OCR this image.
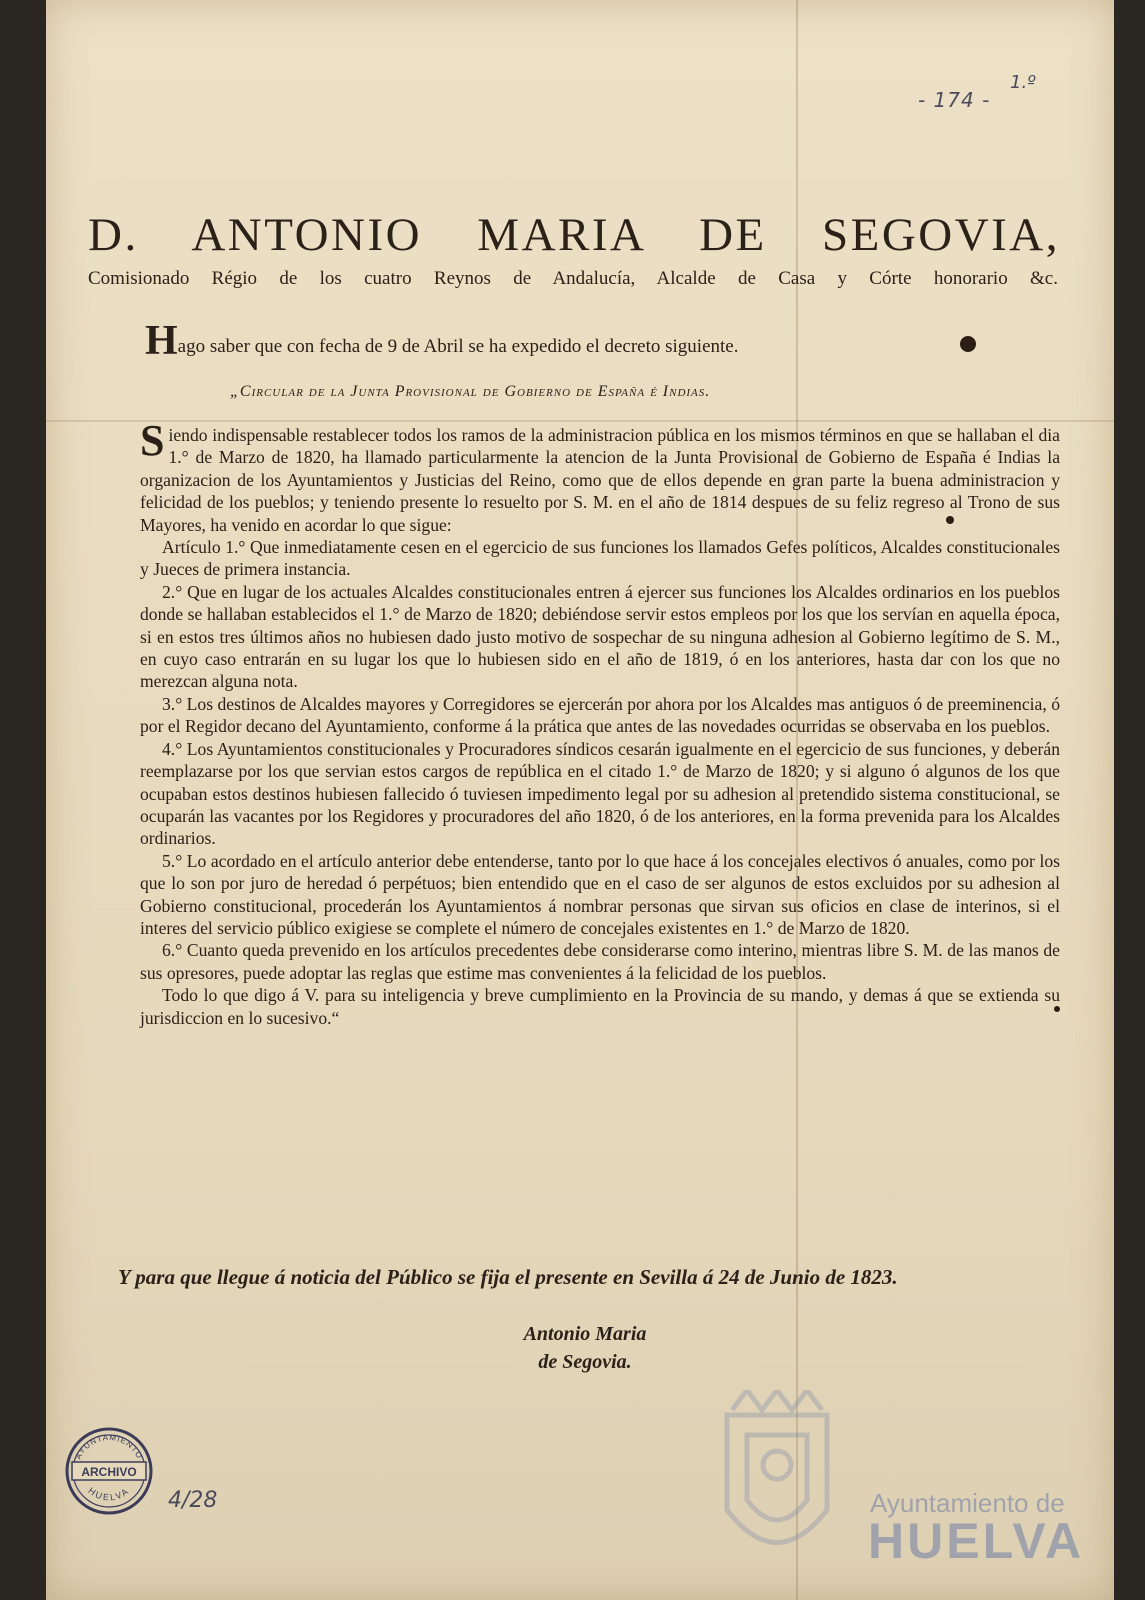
- 174 -
1.º
D. ANTONIO MARIA DE SEGOVIA,
Comisionado Régio de los cuatro Reynos de Andalucía, Alcalde de Casa y Córte honorario &c.
Hago saber que con fecha de 9 de Abril se ha expedido el decreto siguiente.
„Circular de la Junta Provisional de Gobierno de España é Indias.

Siendo indispensable restablecer todos los ramos de la administracion pública en los mismos términos en que se hallaban el dia 1.° de Marzo de 1820, ha llamado particularmente la atencion de la Junta Provisional de Gobierno de España é Indias la organizacion de los Ayuntamientos y Justicias del Reino, como que de ellos depende en gran parte la buena administracion y felicidad de los pueblos; y teniendo presente lo resuelto por S. M. en el año de 1814 despues de su feliz regreso al Trono de sus Mayores, ha venido en acordar lo que sigue:

Artículo 1.° Que inmediatamente cesen en el egercicio de sus funciones los llamados Gefes políticos, Alcaldes constitucionales y Jueces de primera instancia.

2.° Que en lugar de los actuales Alcaldes constitucionales entren á ejercer sus funciones los Alcaldes ordinarios en los pueblos donde se hallaban establecidos el 1.° de Marzo de 1820; debiéndose servir estos empleos por los que los servían en aquella época, si en estos tres últimos años no hubiesen dado justo motivo de sospechar de su ninguna adhesion al Gobierno legítimo de S. M., en cuyo caso entrarán en su lugar los que lo hubiesen sido en el año de 1819, ó en los anteriores, hasta dar con los que no merezcan alguna nota.

3.° Los destinos de Alcaldes mayores y Corregidores se ejercerán por ahora por los Alcaldes mas antiguos ó de preeminencia, ó por el Regidor decano del Ayuntamiento, conforme á la prática que antes de las novedades ocurridas se observaba en los pueblos.

4.° Los Ayuntamientos constitucionales y Procuradores síndicos cesarán igualmente en el egercicio de sus funciones, y deberán reemplazarse por los que servian estos cargos de república en el citado 1.° de Marzo de 1820; y si alguno ó algunos de los que ocupaban estos destinos hubiesen fallecido ó tuviesen impedimento legal por su adhesion al pretendido sistema constitucional, se ocuparán las vacantes por los Regidores y procuradores del año 1820, ó de los anteriores, en la forma prevenida para los Alcaldes ordinarios.

5.° Lo acordado en el artículo anterior debe entenderse, tanto por lo que hace á los concejales electivos ó anuales, como por los que lo son por juro de heredad ó perpétuos; bien entendido que en el caso de ser algunos de estos excluidos por su adhesion al Gobierno constitucional, procederán los Ayuntamientos á nombrar personas que sirvan sus oficios en clase de interinos, si el interes del servicio público exigiese se complete el número de concejales existentes en 1.° de Marzo de 1820.

6.° Cuanto queda prevenido en los artículos precedentes debe considerarse como interino, mientras libre S. M. de las manos de sus opresores, puede adoptar las reglas que estime mas convenientes á la felicidad de los pueblos.

Todo lo que digo á V. para su inteligencia y breve cumplimiento en la Provincia de su mando, y demas á que se extienda su jurisdiccion en lo sucesivo.“

Y para que llegue á noticia del Público se fija el presente en Sevilla á 24 de Junio de 1823.
Antonio Maria
de Segovia.
AYUNTAMIENTO
ARCHIVO
HUELVA 4/28	Ayuntamiento de
HUELVA
